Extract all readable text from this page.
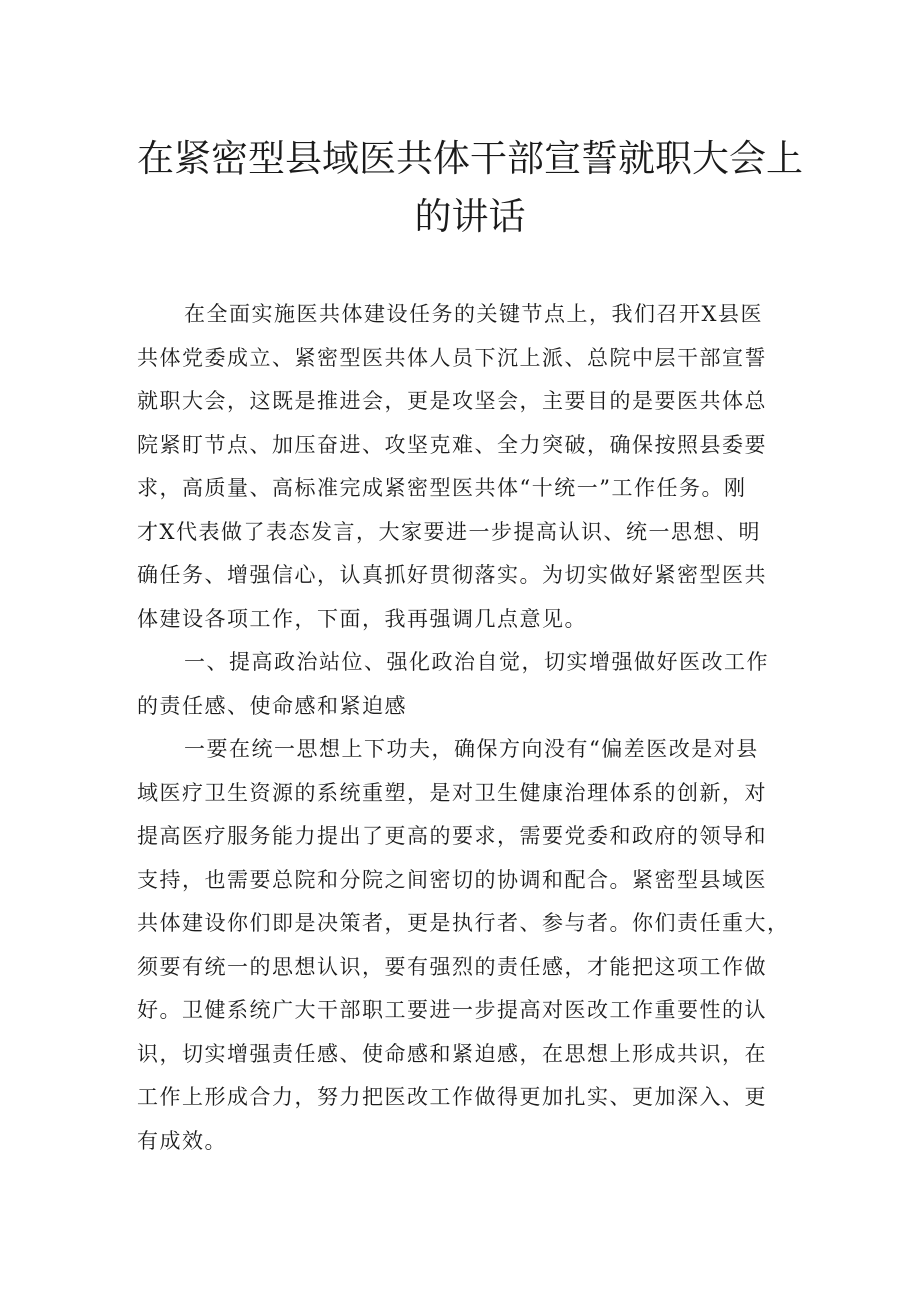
在紧密型县域医共体干部宣誓就职大会上
的讲话
在全面实施医共体建设任务的关键节点上，我们召开X县医
共体党委成立、紧密型医共体人员下沉上派、总院中层干部宣誓
就职大会，这既是推进会，更是攻坚会，主要目的是要医共体总
院紧盯节点、加压奋进、攻坚克难、全力突破，确保按照县委要
求，高质量、高标准完成紧密型医共体“十统一”工作任务。刚
才X代表做了表态发言，大家要进一步提高认识、统一思想、明
确任务、增强信心，认真抓好贯彻落实。为切实做好紧密型医共
体建设各项工作，下面，我再强调几点意见。
一、提高政治站位、强化政治自觉，切实增强做好医改工作
的责任感、使命感和紧迫感
一要在统一思想上下功夫，确保方向没有“偏差医改是对县
域医疗卫生资源的系统重塑，是对卫生健康治理体系的创新，对
提高医疗服务能力提出了更高的要求，需要党委和政府的领导和
支持，也需要总院和分院之间密切的协调和配合。紧密型县域医
共体建设你们即是决策者，更是执行者、参与者。你们责任重大，
须要有统一的思想认识，要有强烈的责任感，才能把这项工作做
好。卫健系统广大干部职工要进一步提高对医改工作重要性的认
识，切实增强责任感、使命感和紧迫感，在思想上形成共识，在
工作上形成合力，努力把医改工作做得更加扎实、更加深入、更
有成效。
